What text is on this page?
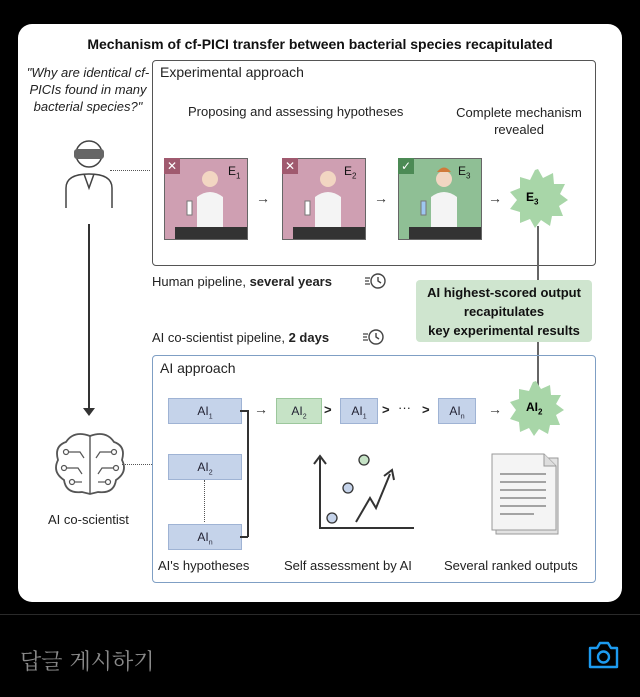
Mechanism of cf-PICI transfer between bacterial species recapitulated
"Why are identical cf-PICIs found in many bacterial species?"
Experimental approach
Proposing and assessing hypotheses	Complete mechanism revealed
✕	$E_1$
→
✕	$E_2$
→
✓	$E_3$
→ $E_3$
Human pipeline, several years
AI highest-scored output
recapitulates
key experimental results
AI co-scientist pipeline, 2 days
AI approach
$AI_1$
$AI_2$
$AI_n$
→	$AI_2$	>	$AI_1$	> ··· >	$AI_n$	→ $AI_2$
AI's hypotheses	Self assessment by AI Several ranked outputs
AI co-scientist
답글 게시하기
